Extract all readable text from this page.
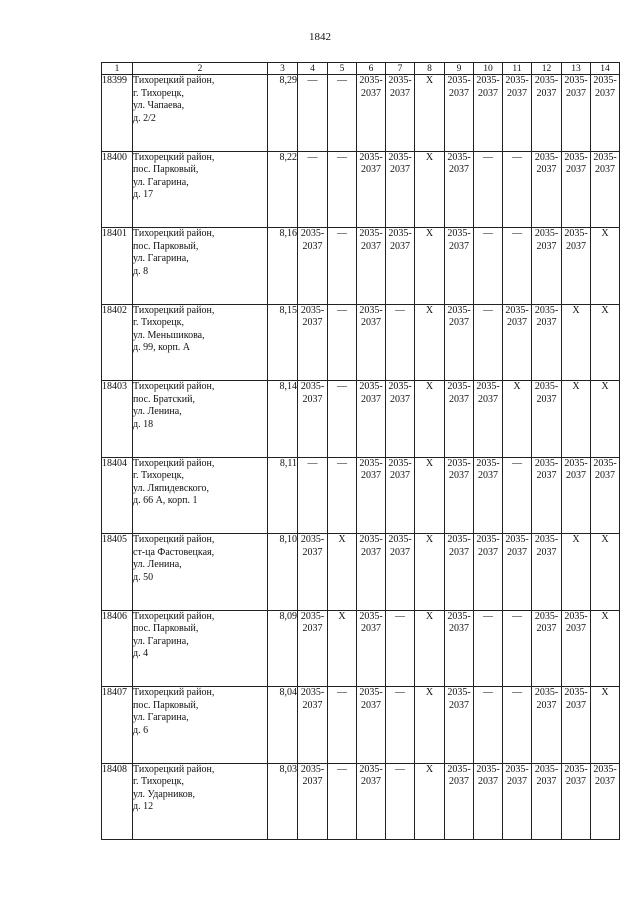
1842
1	2	3	4	5	6	7	8	9	10	11	12	13	14
18399	Тихорецкий район,
г. Тихорецк,
ул. Чапаева,
д. 2/2	8,29	—	—	2035-
2037	2035-
2037	X	2035-
2037	2035-
2037	2035-
2037	2035-
2037	2035-
2037	2035-
2037

18400	Тихорецкий район,
пос. Парковый,
ул. Гагарина,
д. 17	8,22	—	—	2035-
2037	2035-
2037	X	2035-
2037	—	—	2035-
2037	2035-
2037	2035-
2037

18401	Тихорецкий район,
пос. Парковый,
ул. Гагарина,
д. 8	8,16	2035-
2037	—	2035-
2037	2035-
2037	X	2035-
2037	—	—	2035-
2037	2035-
2037	X
18402	Тихорецкий район,
г. Тихорецк,
ул. Меньшикова,
д. 99, корп. А	8,15	2035-
2037	—	2035-
2037	—	X	2035-
2037	—	2035-
2037	2035-
2037	X	X
18403	Тихорецкий район,
пос. Братский,
ул. Ленина,
д. 18	8,14	2035-
2037	—	2035-
2037	2035-
2037	X	2035-
2037	2035-
2037	X	2035-
2037	X	X
18404	Тихорецкий район,
г. Тихорецк,
ул. Ляпидевского,
д. 66 А, корп. 1	8,11	—	—	2035-
2037	2035-
2037	X	2035-
2037	2035-
2037	—	2035-
2037	2035-
2037	2035-
2037

18405	Тихорецкий район,
ст-ца Фастовецкая,
ул. Ленина,
д. 50	8,10	2035-
2037	X	2035-
2037	2035-
2037	X	2035-
2037	2035-
2037	2035-
2037	2035-
2037	X	X
18406	Тихорецкий район,
пос. Парковый,
ул. Гагарина,
д. 4	8,09	2035-
2037	X	2035-
2037	—	X	2035-
2037	—	—	2035-
2037	2035-
2037	X
18407	Тихорецкий район,
пос. Парковый,
ул. Гагарина,
д. 6	8,04	2035-
2037	—	2035-
2037	—	X	2035-
2037	—	—	2035-
2037	2035-
2037	X
18408	Тихорецкий район,
г. Тихорецк,
ул. Ударников,
д. 12	8,03	2035-
2037	—	2035-
2037	—	X	2035-
2037	2035-
2037	2035-
2037	2035-
2037	2035-
2037	2035-
2037
